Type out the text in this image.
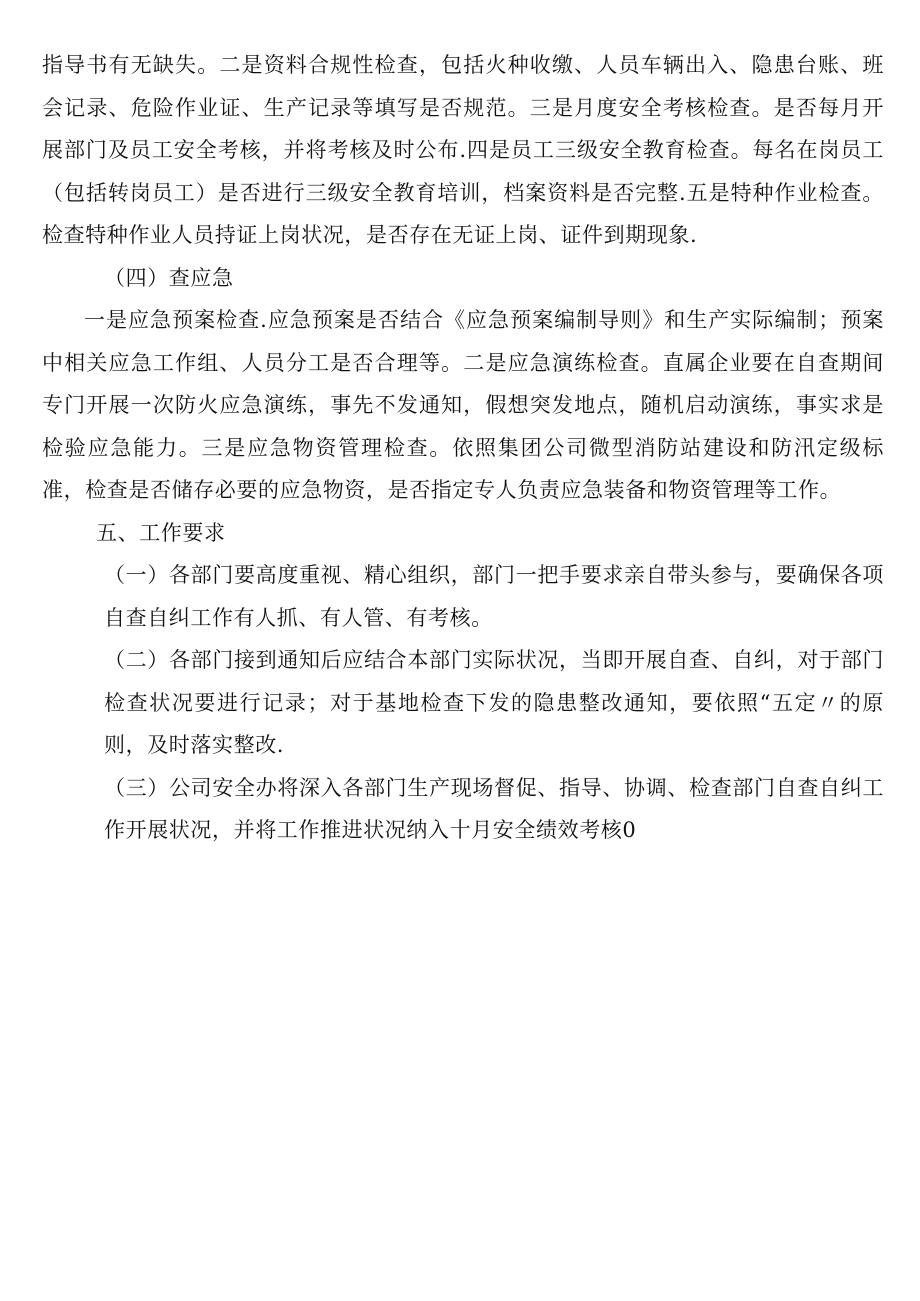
指导书有无缺失。二是资料合规性检查，包括火种收缴、人员车辆出入、隐患台账、班会记录、危险作业证、生产记录等填写是否规范。三是月度安全考核检查。是否每月开展部门及员工安全考核，并将考核及时公布.四是员工三级安全教育检查。每名在岗员工（包括转岗员工）是否进行三级安全教育培训，档案资料是否完整.五是特种作业检查。检查特种作业人员持证上岗状况，是否存在无证上岗、证件到期现象.

（四）查应急

一是应急预案检查.应急预案是否结合《应急预案编制导则》和生产实际编制；预案中相关应急工作组、人员分工是否合理等。二是应急演练检查。直属企业要在自查期间专门开展一次防火应急演练，事先不发通知，假想突发地点，随机启动演练，事实求是检验应急能力。三是应急物资管理检查。依照集团公司微型消防站建设和防汛定级标准，检查是否储存必要的应急物资，是否指定专人负责应急装备和物资管理等工作。

五、工作要求

（一）各部门要高度重视、精心组织，部门一把手要求亲自带头参与，要确保各项自查自纠工作有人抓、有人管、有考核。

（二）各部门接到通知后应结合本部门实际状况，当即开展自查、自纠，对于部门检查状况要进行记录；对于基地检查下发的隐患整改通知，要依照“五定〃的原则，及时落实整改.

（三）公司安全办将深入各部门生产现场督促、指导、协调、检查部门自查自纠工作开展状况，并将工作推进状况纳入十月安全绩效考核0
